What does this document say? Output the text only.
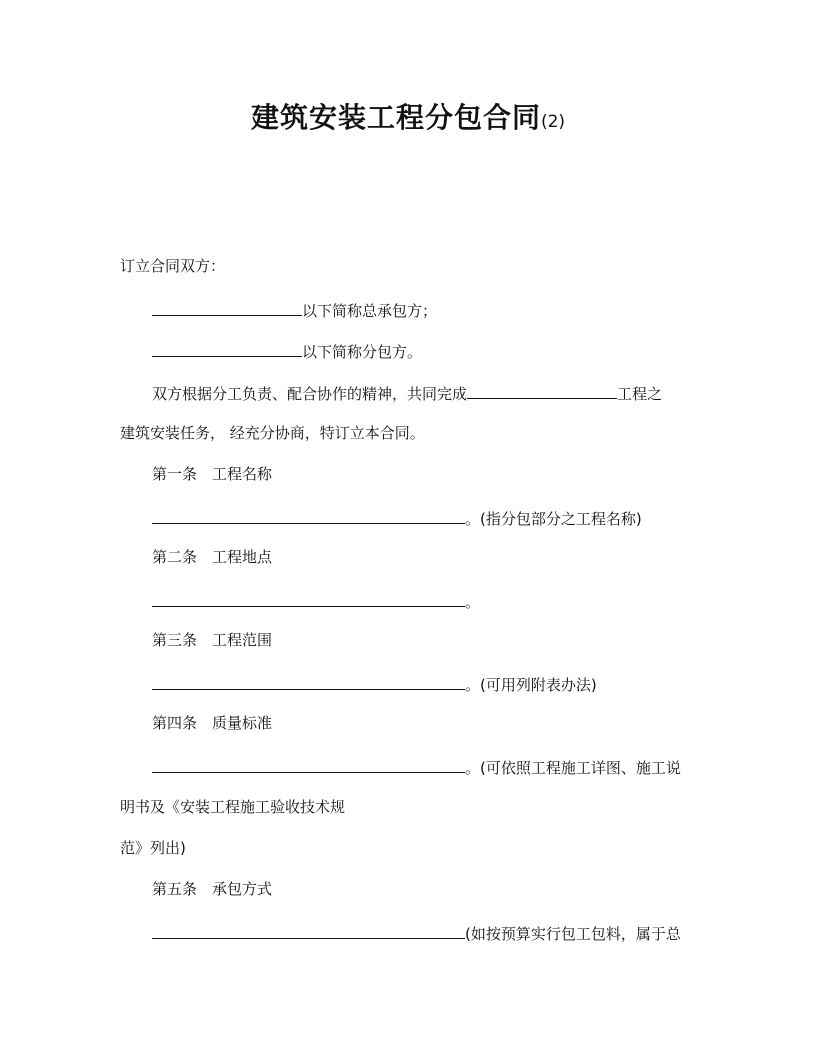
建筑安装工程分包合同(2)
订立合同双方：
以下简称总承包方；
以下简称分包方。
双方根据分工负责、配合协作的精神，共同完成	工程之
建筑安装任务， 经充分协商，特订立本合同。
第一条 工程名称
。(指分包部分之工程名称)
第二条 工程地点
。
第三条 工程范围
。(可用列附表办法)
第四条 质量标准
。(可依照工程施工详图、施工说
明书及《安装工程施工验收技术规
范》列出)
第五条 承包方式
(如按预算实行包工包料，属于总
